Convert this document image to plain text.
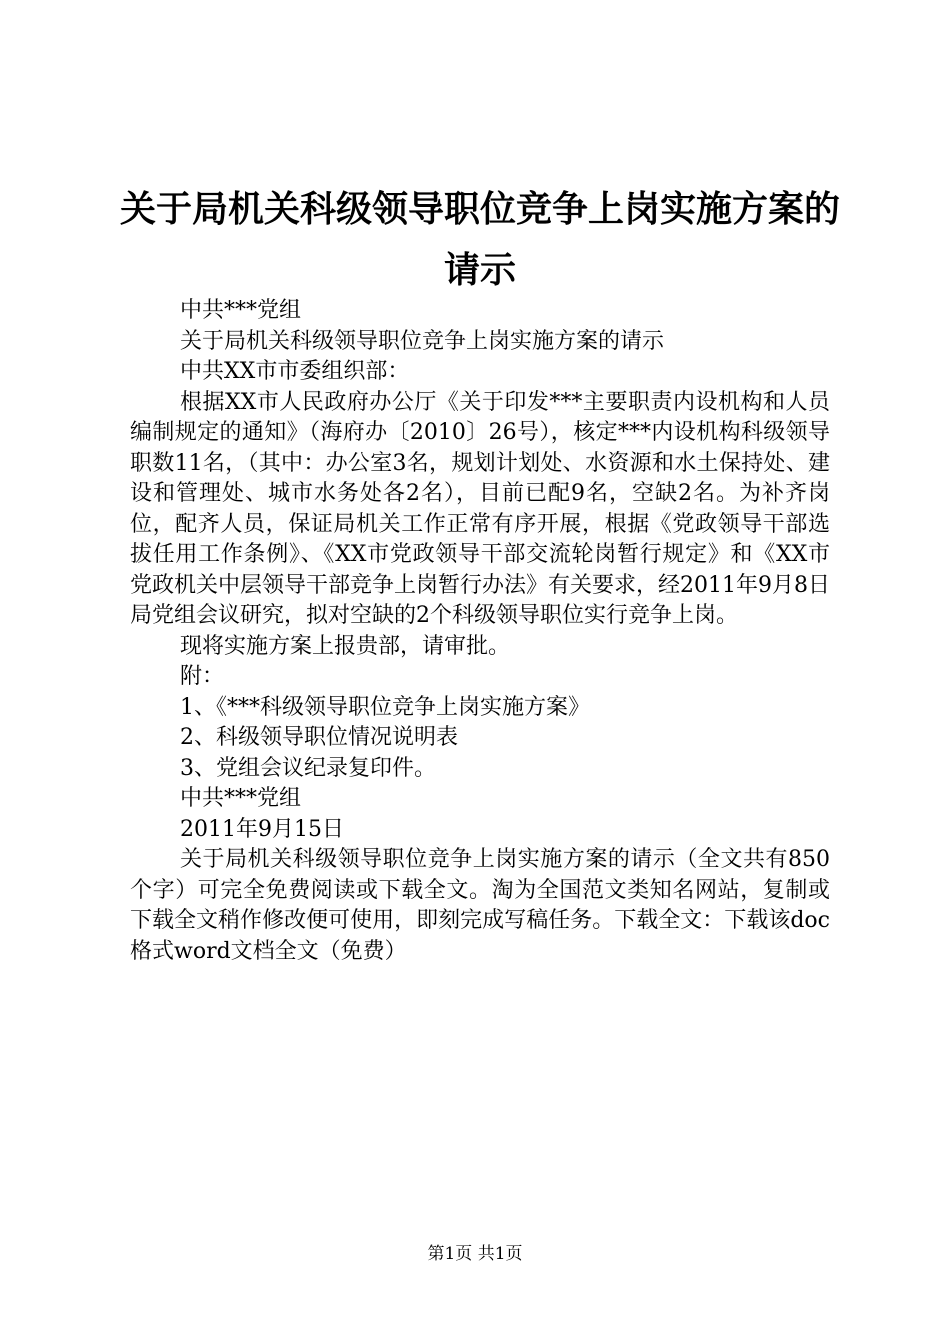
关于局机关科级领导职位竞争上岗实施方案的
请示
中共***党组
关于局机关科级领导职位竞争上岗实施方案的请示
中共XX市市委组织部：

根据XX市人民政府办公厅《关于印发***主要职责内设机构和人员编制规定的通知》（海府办〔2010〕26号），核定***内设机构科级领导职数11名，（其中：办公室3名，规划计划处、水资源和水土保持处、建设和管理处、城市水务处各2名），目前已配9名，空缺2名。为补齐岗位，配齐人员，保证局机关工作正常有序开展，根据《党政领导干部选拔任用工作条例》、《XX市党政领导干部交流轮岗暂行规定》和《XX市党政机关中层领导干部竞争上岗暂行办法》有关要求，经2011年9月8日局党组会议研究，拟对空缺的2个科级领导职位实行竞争上岗。

现将实施方案上报贵部，请审批。
附：
1、《***科级领导职位竞争上岗实施方案》
2、科级领导职位情况说明表
3、党组会议纪录复印件。
中共***党组
2011年9月15日

关于局机关科级领导职位竞争上岗实施方案的请示（全文共有850个字）可完全免费阅读或下载全文。淘为全国范文类知名网站，复制或下载全文稍作修改便可使用，即刻完成写稿任务。下载全文：下载该doc格式word文档全文（免费）

第1页 共1页
